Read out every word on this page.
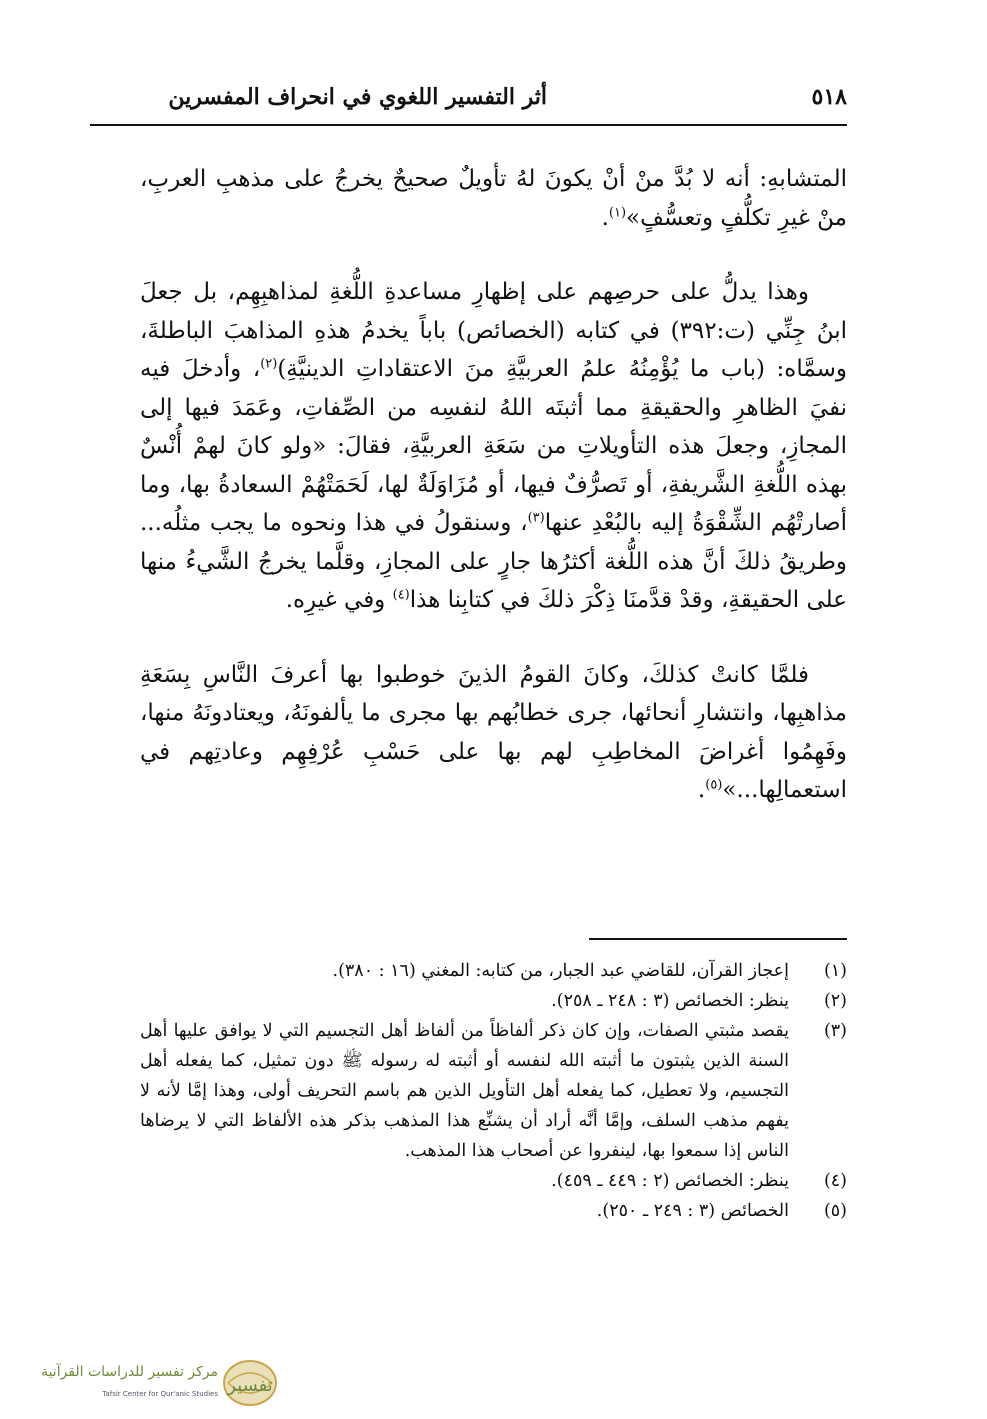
٥١٨
أثر التفسير اللغوي في انحراف المفسرين

المتشابهِ: أنه لا بُدَّ منْ أنْ يكونَ لهُ تأويلٌ صحيحٌ يخرجُ على مذهبِ العربِ، منْ غيرِ تكلُّفٍ وتعسُّفٍ»$^{(١)}$.

وهذا يدلُّ على حرصِهم على إظهارِ مساعدةِ اللُّغةِ لمذاهبِهِم، بل جعلَ ابنُ جِنِّي (ت:٣٩٢) في كتابه (الخصائص) باباً يخدمُ هذهِ المذاهبَ الباطلةَ، وسمَّاه: (باب ما يُؤْمِنُهُ علمُ العربيَّةِ منَ الاعتقاداتِ الدينيَّةِ)$^{(٢)}$، وأدخلَ فيه نفيَ الظاهرِ والحقيقةِ مما أثبتَه اللهُ لنفسِه من الصِّفاتِ، وعَمَدَ فيها إلى المجازِ، وجعلَ هذه التأويلاتِ من سَعَةِ العربيَّةِ، فقالَ: «ولو كانَ لهمْ أُنْسٌ بهذه اللُّغةِ الشَّريفةِ، أو تَصرُّفٌ فيها، أو مُزَاوَلَةٌ لها، لَحَمَتْهُمْ السعادةُ بها، وما أصارتْهُم الشِّقْوَةُ إليه بالبُعْدِ عنها$^{(٣)}$، وسنقولُ في هذا ونحوه ما يجب مثلُه... وطريقُ ذلكَ أنَّ هذه اللُّغة أكثرُها جارٍ على المجازِ، وقلَّما يخرجُ الشَّيءُ منها على الحقيقةِ، وقدْ قدَّمنَا ذِكْرَ ذلكَ في كتابِنا هذا$^{(٤)}$ وفي غيرِه.

فلمَّا كانتْ كذلكَ، وكانَ القومُ الذينَ خوطبوا بها أعرفَ النَّاسِ بِسَعَةِ مذاهبِها، وانتشارِ أنحائها، جرى خطابُهم بها مجرى ما يألفونَهُ، ويعتادونَهُ منها، وفَهِمُوا أغراضَ المخاطِبِ لهم بها على حَسْبِ عُرْفِهِم وعادتِهم في استعمالِها...»$^{(٥)}$.

(١)
إعجاز القرآن، للقاضي عبد الجبار، من كتابه: المغني (١٦ : ٣٨٠).
(٢)
ينظر: الخصائص (٣ : ٢٤٨ ـ ٢٥٨).
(٣)
يقصد مثبتي الصفات، وإن كان ذكر ألفاظاً من ألفاظ أهل التجسيم التي لا يوافق عليها أهل السنة الذين يثبتون ما أثبته الله لنفسه أو أثبته له رسوله ﷺ دون تمثيل، كما يفعله أهل التجسيم، ولا تعطيل، كما يفعله أهل التأويل الذين هم باسم التحريف أولى، وهذا إمَّا لأنه لا يفهم مذهب السلف، وإمَّا أنَّه أراد أن يشنِّع هذا المذهب بذكر هذه الألفاظ التي لا يرضاها الناس إذا سمعوا بها، لينفروا عن أصحاب هذا المذهب.
(٤)
ينظر: الخصائص (٢ : ٤٤٩ ـ ٤٥٩).
(٥)
الخصائص (٣ : ٢٤٩ ـ ٢٥٠).
تفسير
مركز تفسير للدراسات القرآنية
Tafsir Center for Qur'anic Studies
